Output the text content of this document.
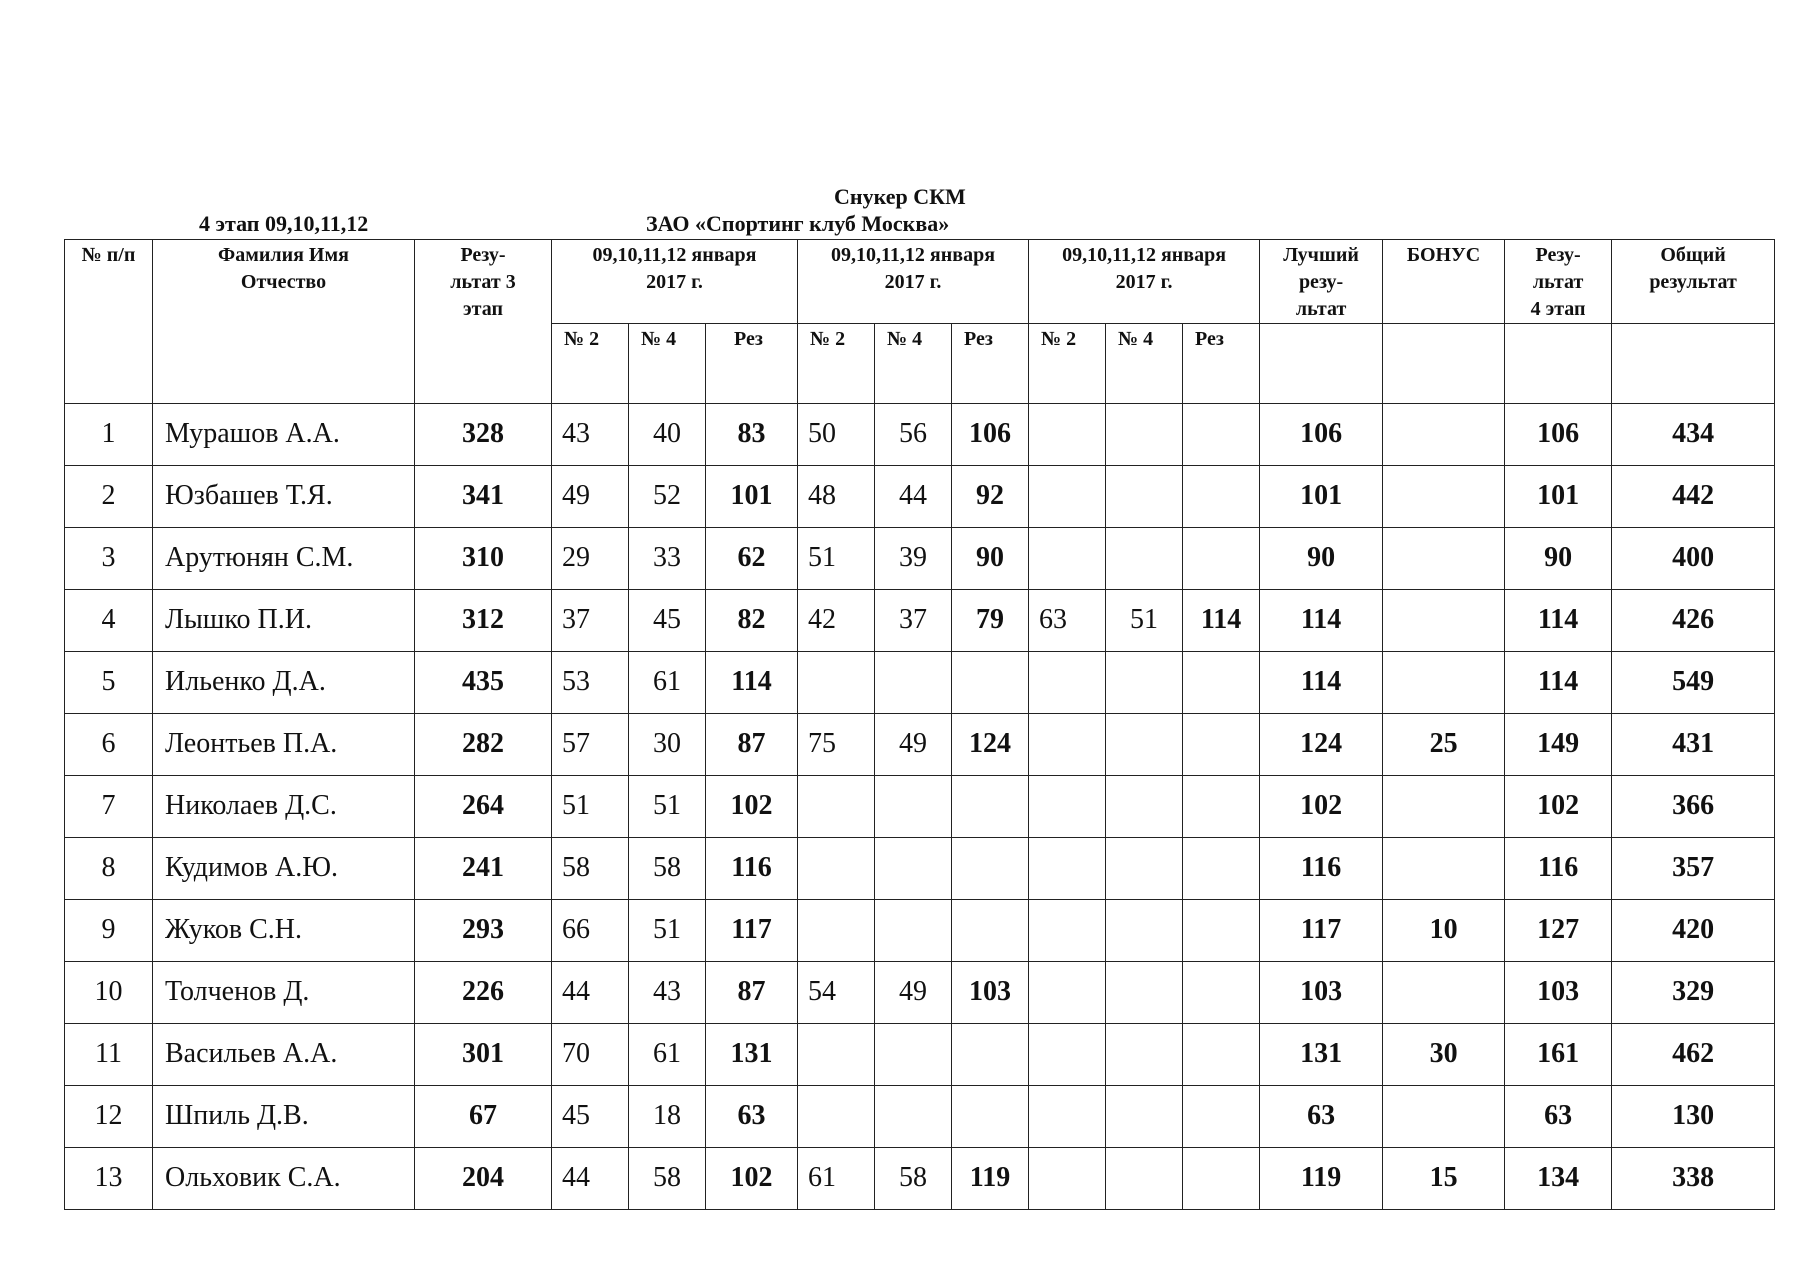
Снукер СКМ
4 этап 09,10,11,12	ЗАО «Спортинг клуб Москва»
№ п/п	Фамилия Имя Отчество	Резу-льтат 3 этап	09,10,11,12 января 2017 г.			09,10,11,12 января 2017 г.			09,10,11,12 января 2017 г.			Лучший резу-льтат	БОНУС	Резу-льтат 4 этап	Общий результат
			№ 2	№ 4	Рез	№ 2	№ 4	Рез	№ 2	№ 4	Рез				
1	Мурашов А.А.	328	43	40	83	50	56	106				106		106	434
2	Юзбашев Т.Я.	341	49	52	101	48	44	92				101		101	442
3	Арутюнян С.М.	310	29	33	62	51	39	90				90		90	400
4	Лышко П.И.	312	37	45	82	42	37	79	63	51	114	114		114	426
5	Ильенко Д.А.	435	53	61	114							114		114	549
6	Леонтьев П.А.	282	57	30	87	75	49	124				124	25	149	431
7	Николаев Д.С.	264	51	51	102							102		102	366
8	Кудимов А.Ю.	241	58	58	116							116		116	357
9	Жуков С.Н.	293	66	51	117							117	10	127	420
10	Толченов Д.	226	44	43	87	54	49	103				103		103	329
11	Васильев А.А.	301	70	61	131							131	30	161	462
12	Шпиль Д.В.	67	45	18	63							63		63	130
13	Ольховик С.А.	204	44	58	102	61	58	119				119	15	134	338
